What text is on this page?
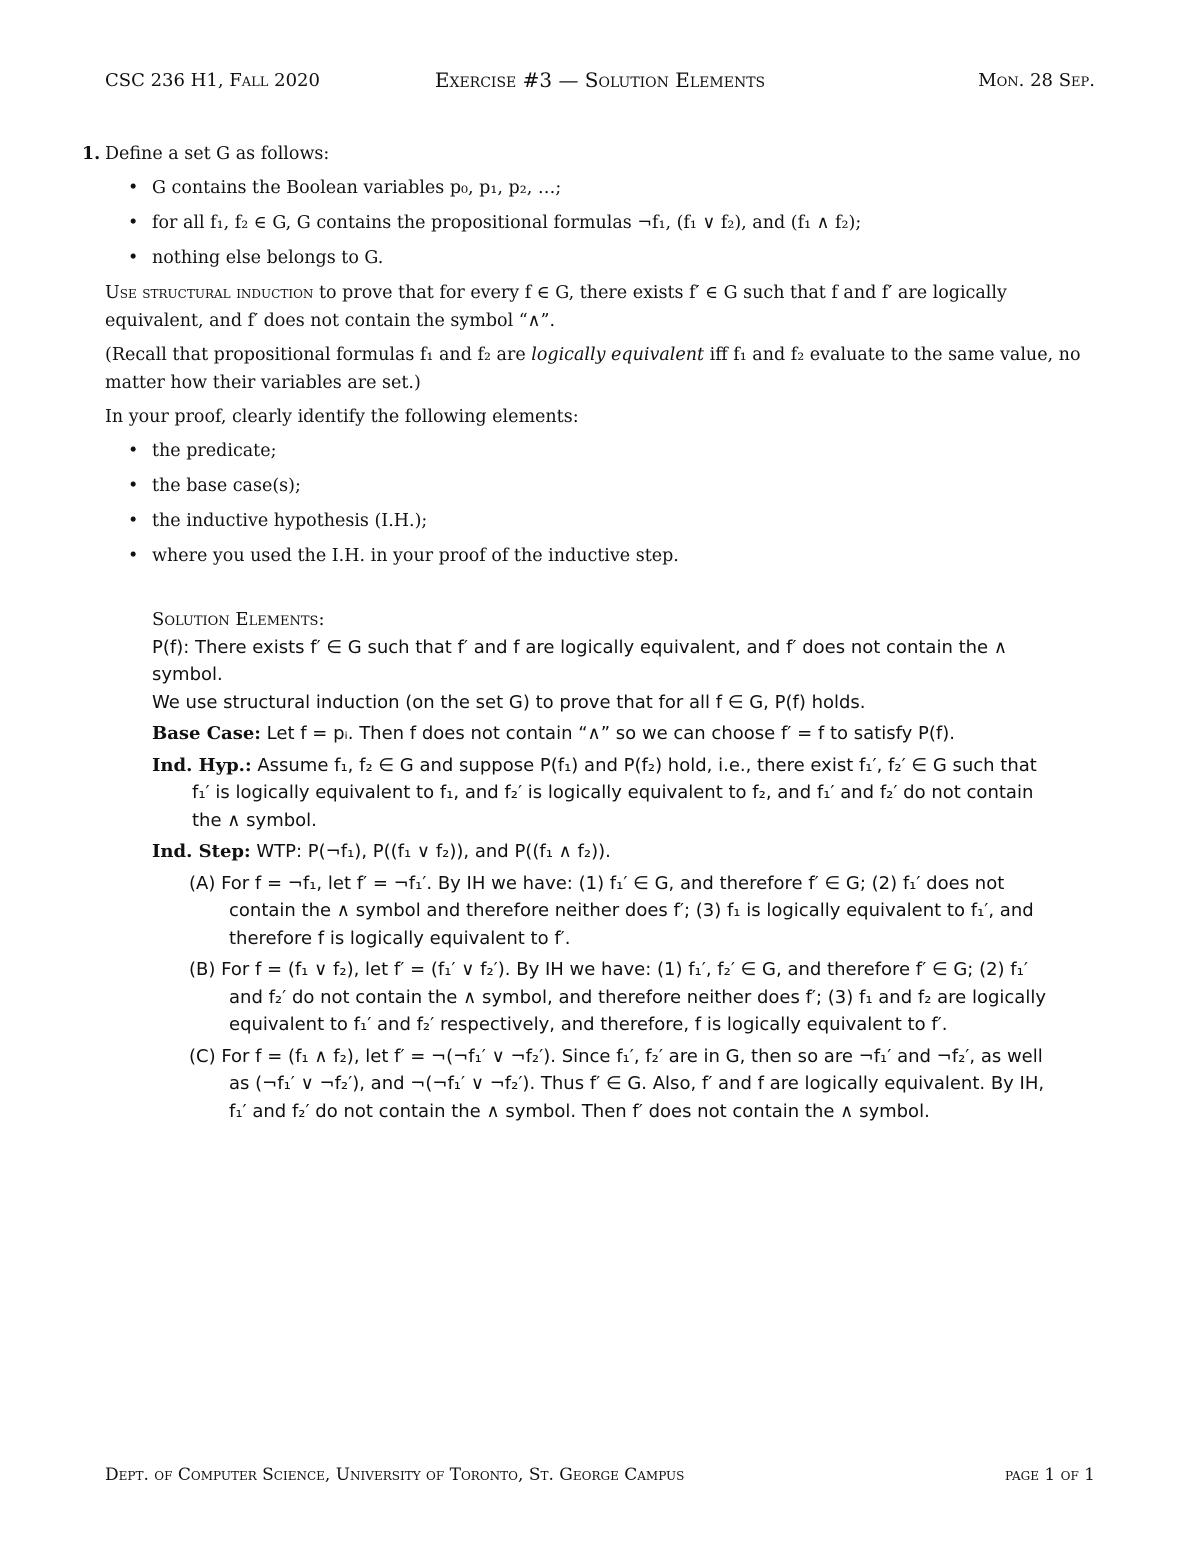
CSC 236 H1, Fall 2020	Exercise #3 — Solution Elements	Mon. 28 Sep.
1. Define a set G as follows:
• G contains the Boolean variables p₀, p₁, p₂, …;
• for all f₁, f₂ ∈ G, G contains the propositional formulas ¬f₁, (f₁ ∨ f₂), and (f₁ ∧ f₂);
• nothing else belongs to G.

Use structural induction to prove that for every f ∈ G, there exists f′ ∈ G such that f and f′ are logically equivalent, and f′ does not contain the symbol “∧”.

(Recall that propositional formulas f₁ and f₂ are logically equivalent iff f₁ and f₂ evaluate to the same value, no matter how their variables are set.)

In your proof, clearly identify the following elements:

• the predicate;
• the base case(s);
• the inductive hypothesis (I.H.);
• where you used the I.H. in your proof of the inductive step.
Solution Elements:
P(f): There exists f′ ∈ G such that f′ and f are logically equivalent, and f′ does not contain the ∧ symbol.
We use structural induction (on the set G) to prove that for all f ∈ G, P(f) holds.
Base Case: Let f = pᵢ. Then f does not contain “∧” so we can choose f′ = f to satisfy P(f).
Ind. Hyp.: Assume f₁, f₂ ∈ G and suppose P(f₁) and P(f₂) hold, i.e., there exist f₁′, f₂′ ∈ G such that f₁′ is logically equivalent to f₁, and f₂′ is logically equivalent to f₂, and f₁′ and f₂′ do not contain the ∧ symbol.
Ind. Step: WTP: P(¬f₁), P((f₁ ∨ f₂)), and P((f₁ ∧ f₂)).
(A) For f = ¬f₁, let f′ = ¬f₁′. By IH we have: (1) f₁′ ∈ G, and therefore f′ ∈ G; (2) f₁′ does not contain the ∧ symbol and therefore neither does f′; (3) f₁ is logically equivalent to f₁′, and therefore f is logically equivalent to f′.
(B) For f = (f₁ ∨ f₂), let f′ = (f₁′ ∨ f₂′). By IH we have: (1) f₁′, f₂′ ∈ G, and therefore f′ ∈ G; (2) f₁′ and f₂′ do not contain the ∧ symbol, and therefore neither does f′; (3) f₁ and f₂ are logically equivalent to f₁′ and f₂′ respectively, and therefore, f is logically equivalent to f′.
(C) For f = (f₁ ∧ f₂), let f′ = ¬(¬f₁′ ∨ ¬f₂′). Since f₁′, f₂′ are in G, then so are ¬f₁′ and ¬f₂′, as well as (¬f₁′ ∨ ¬f₂′), and ¬(¬f₁′ ∨ ¬f₂′). Thus f′ ∈ G. Also, f′ and f are logically equivalent. By IH, f₁′ and f₂′ do not contain the ∧ symbol. Then f′ does not contain the ∧ symbol.
Dept. of Computer Science, University of Toronto, St. George Campus	page 1 of 1
